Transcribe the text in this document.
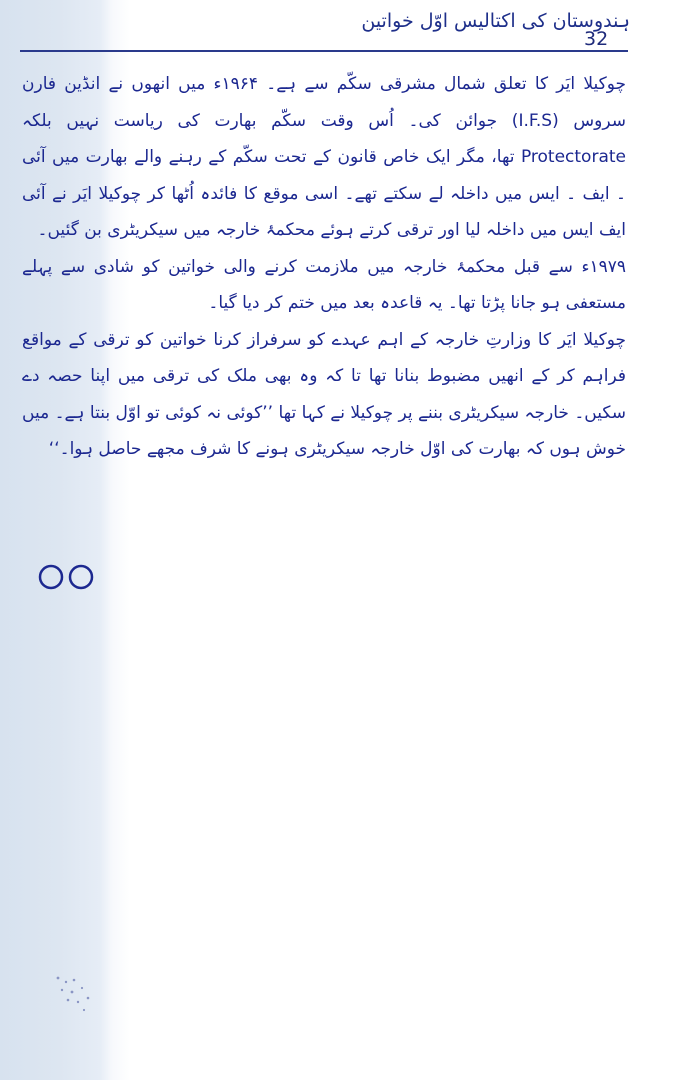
ہندوستان کی اکتالیس اوّل خواتین
32

چوکیلا ایَر کا تعلق شمال مشرقی سکّم سے ہے۔ ۱۹۶۴ء میں انھوں نے انڈین فارن سروس (I.F.S) جوائن کی۔ اُس وقت سکّم بھارت کی ریاست نہیں بلکہ Protectorate تھا، مگر ایک خاص قانون کے تحت سکّم کے رہنے والے بھارت میں آئی ۔ ایف ۔ ایس میں داخلہ لے سکتے تھے۔ اسی موقع کا فائدہ اُٹھا کر چوکیلا ایَر نے آئی ایف ایس میں داخلہ لیا اور ترقی کرتے ہوئے محکمۂ خارجہ میں سیکریٹری بن گئیں۔

۱۹۷۹ء سے قبل محکمۂ خارجہ میں ملازمت کرنے والی خواتین کو شادی سے پہلے مستعفی ہو جانا پڑتا تھا۔ یہ قاعدہ بعد میں ختم کر دیا گیا۔

چوکیلا ایَر کا وزارتِ خارجہ کے اہم عہدے کو سرفراز کرنا خواتین کو ترقی کے مواقع فراہم کر کے انھیں مضبوط بنانا تھا تا کہ وہ بھی ملک کی ترقی میں اپنا حصہ دے سکیں۔ خارجہ سیکریٹری بننے پر چوکیلا نے کہا تھا ’’کوئی نہ کوئی تو اوّل بنتا ہے۔ میں خوش ہوں کہ بھارت کی اوّل خارجہ سیکریٹری ہونے کا شرف مجھے حاصل ہوا۔‘‘
